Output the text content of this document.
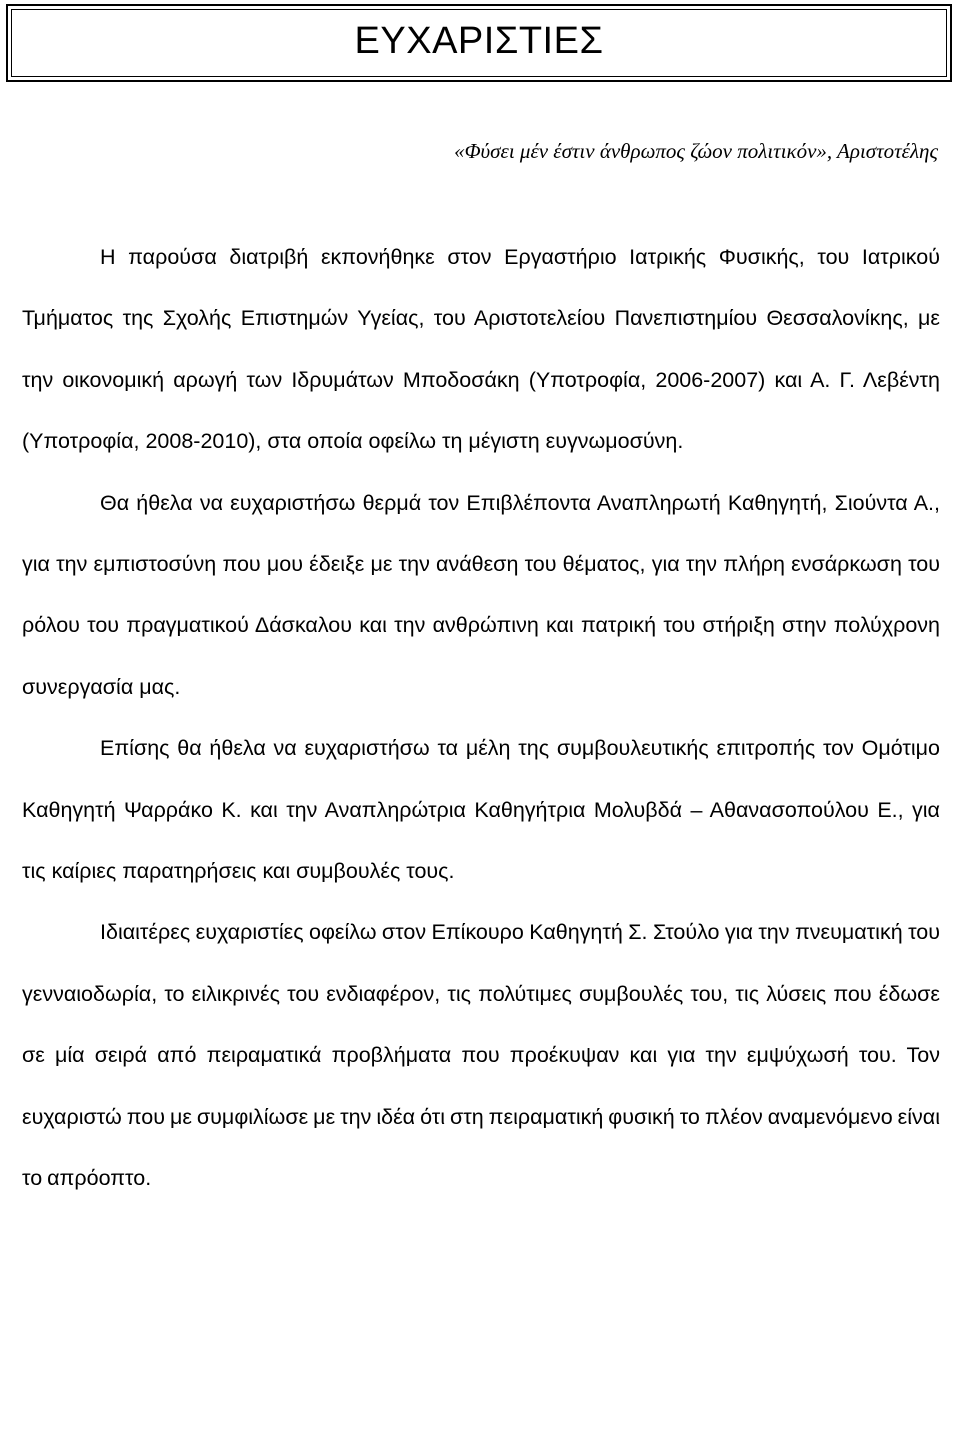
ΕΥΧΑΡΙΣΤΙΕΣ
«Φύσει μέν έστιν άνθρωπος ζώον πολιτικόν», Αριστοτέλης

Η παρούσα διατριβή εκπονήθηκε στον Εργαστήριο Ιατρικής Φυσικής, του Ιατρικού Τμήματος της Σχολής Επιστημών Υγείας, του Αριστοτελείου Πανεπιστημίου Θεσσαλονίκης, με την οικονομική αρωγή των Ιδρυμάτων Μποδοσάκη (Υποτροφία, 2006-2007) και Α. Γ. Λεβέντη (Υποτροφία, 2008-2010), στα οποία οφείλω τη μέγιστη ευγνωμοσύνη.

Θα ήθελα να ευχαριστήσω θερμά τον Επιβλέποντα Αναπληρωτή Καθηγητή, Σιούντα Α., για την εμπιστοσύνη που μου έδειξε με την ανάθεση του θέματος, για την πλήρη ενσάρκωση του ρόλου του πραγματικού Δάσκαλου και την ανθρώπινη και πατρική του στήριξη στην πολύχρονη συνεργασία μας.

Επίσης θα ήθελα να ευχαριστήσω τα μέλη της συμβουλευτικής επιτροπής τον Ομότιμο Καθηγητή Ψαρράκο Κ. και την Αναπληρώτρια Καθηγήτρια Μολυβδά – Αθανασοπούλου Ε., για τις καίριες παρατηρήσεις και συμβουλές τους.

Ιδιαιτέρες ευχαριστίες οφείλω στον Επίκουρο Καθηγητή Σ. Στούλο για την πνευματική του γενναιοδωρία, το ειλικρινές του ενδιαφέρον, τις πολύτιμες συμβουλές του, τις λύσεις που έδωσε σε μία σειρά από πειραματικά προβλήματα που προέκυψαν και για την εμψύχωσή του. Τον ευχαριστώ που με συμφιλίωσε με την ιδέα ότι στη πειραματική φυσική το πλέον αναμενόμενο είναι το απρόοπτο.
